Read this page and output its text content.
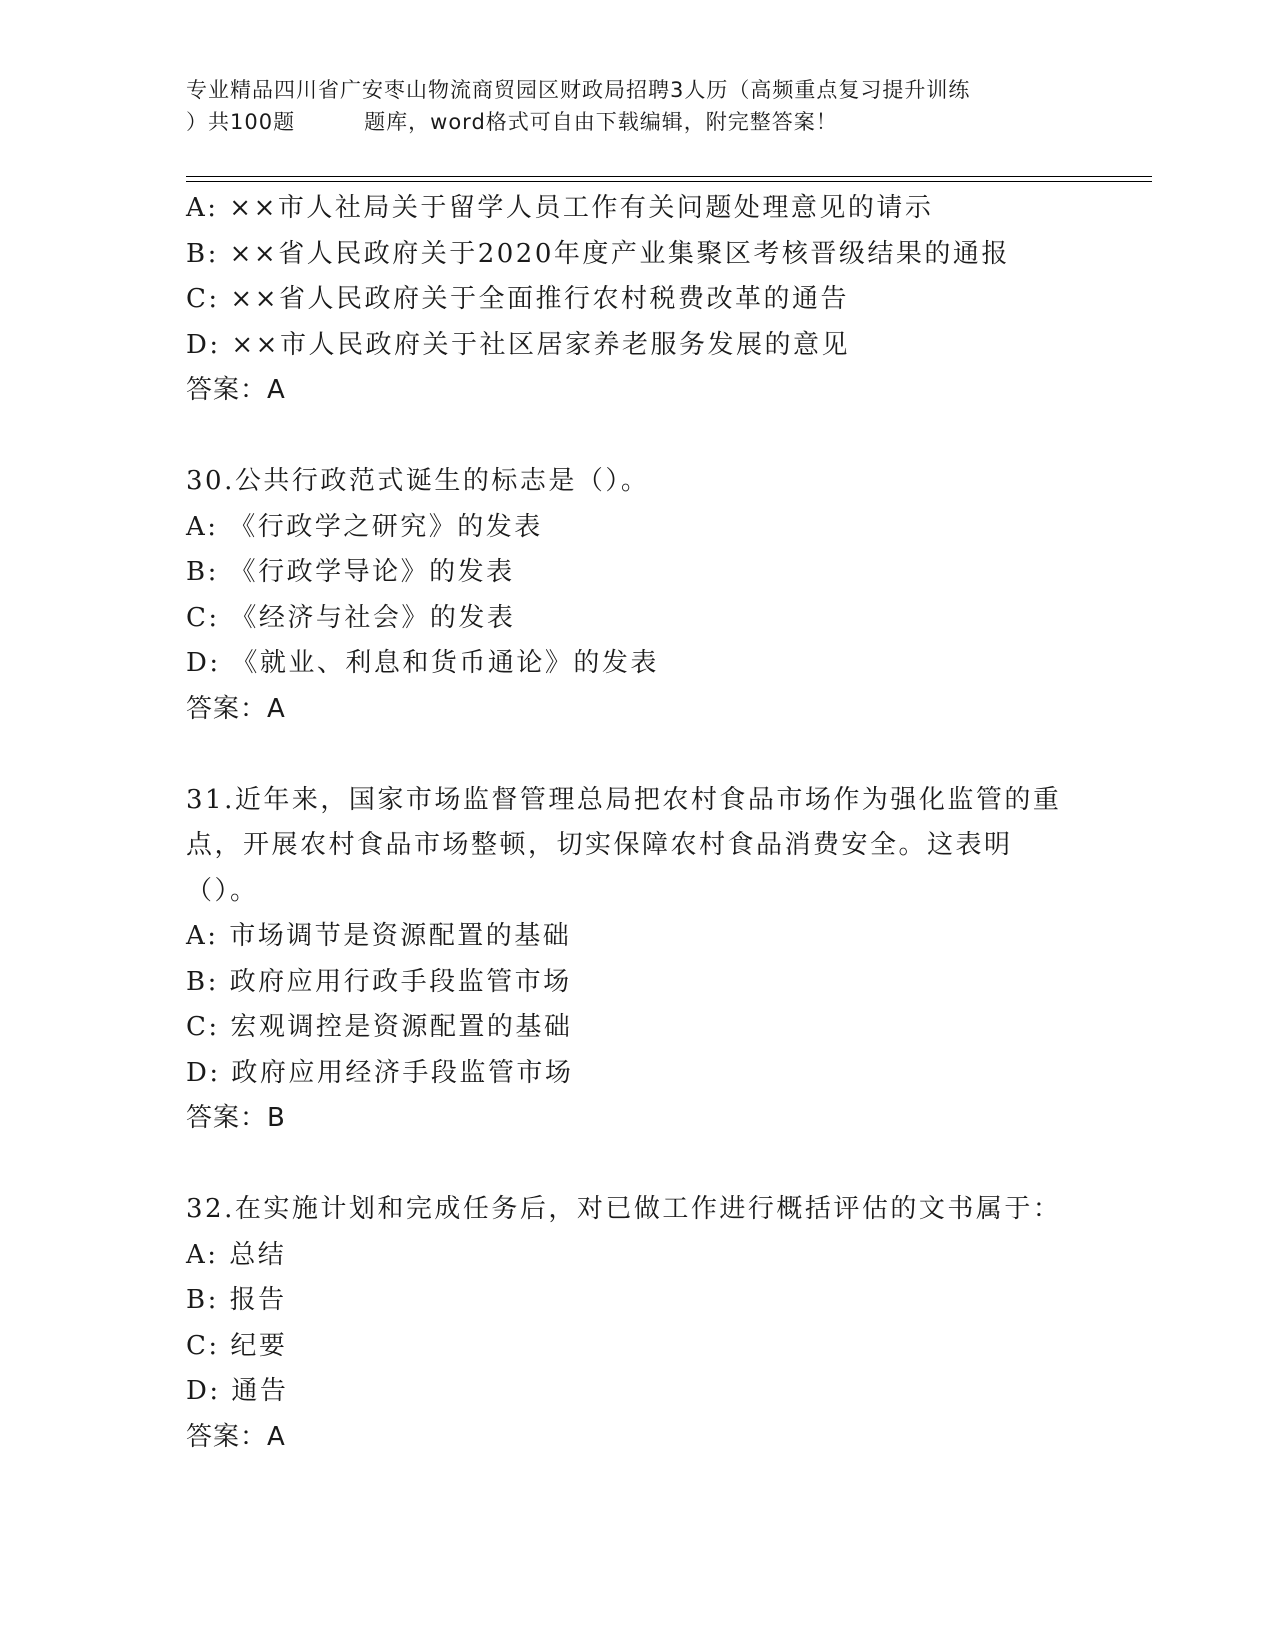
专业精品四川省广安枣山物流商贸园区财政局招聘3人历（高频重点复习提升训练
）共100题         题库，word格式可自由下载编辑，附完整答案！
A: ××市人社局关于留学人员工作有关问题处理意见的请示
B: ××省人民政府关于2020年度产业集聚区考核晋级结果的通报
C: ××省人民政府关于全面推行农村税费改革的通告
D: ××市人民政府关于社区居家养老服务发展的意见
答案：A
30.公共行政范式诞生的标志是（）。
A: 《行政学之研究》的发表
B: 《行政学导论》的发表
C: 《经济与社会》的发表
D: 《就业、利息和货币通论》的发表
答案：A
31.近年来，国家市场监督管理总局把农村食品市场作为强化监管的重点，开展农村食品市场整顿，切实保障农村食品消费安全。这表明（）。
A: 市场调节是资源配置的基础
B: 政府应用行政手段监管市场
C: 宏观调控是资源配置的基础
D: 政府应用经济手段监管市场
答案：B
32.在实施计划和完成任务后，对已做工作进行概括评估的文书属于：
A: 总结
B: 报告
C: 纪要
D: 通告
答案：A
